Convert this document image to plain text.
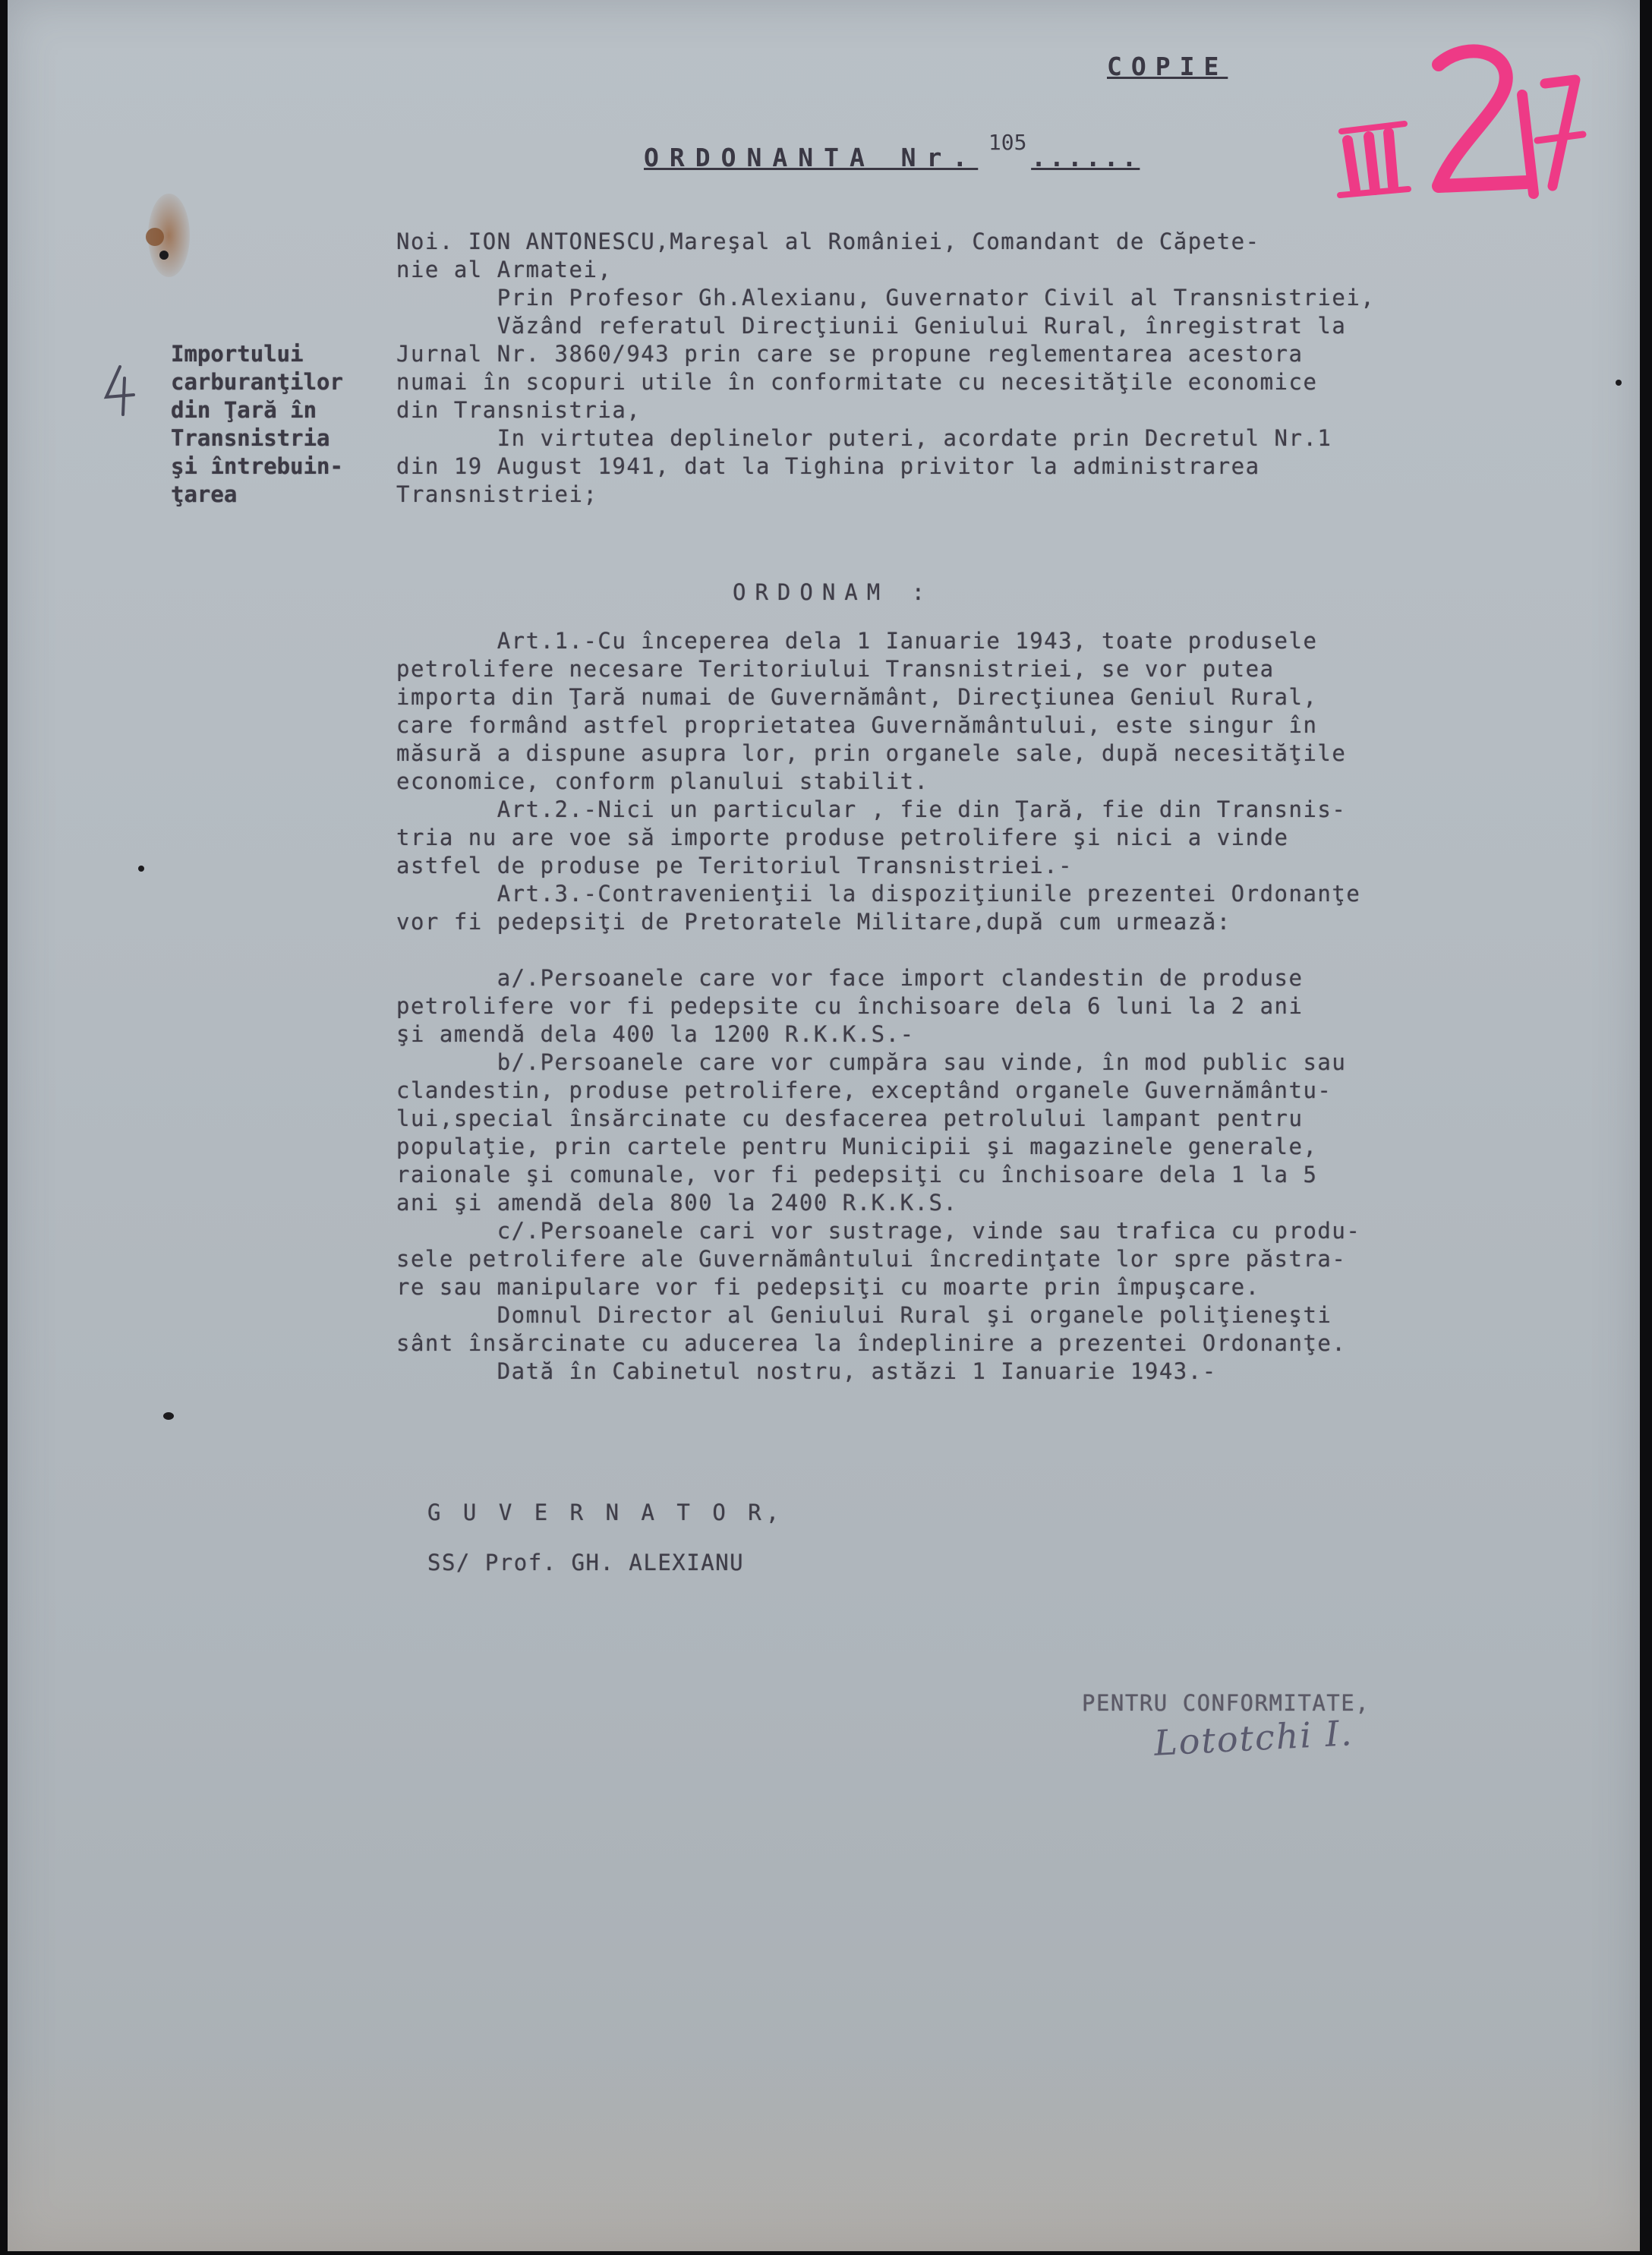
COPIE
ORDONANTA Nr. 105 ......
Importului
carburanţilor
din Ţară în
Transnistria
şi întrebuin-
ţarea
Noi. ION ANTONESCU,Mareşal al României, Comandant de Căpete-
nie al Armatei,
Prin Profesor Gh.Alexianu, Guvernator Civil al Transnistriei,
Văzând referatul Direcţiunii Geniului Rural, înregistrat la
Jurnal Nr. 3860/943 prin care se propune reglementarea acestora
numai în scopuri utile în conformitate cu necesităţile economice
din Transnistria,
In virtutea deplinelor puteri, acordate prin Decretul Nr.1
din 19 August 1941, dat la Tighina privitor la administrarea
Transnistriei;
ORDONAM :
Art.1.-Cu începerea dela 1 Ianuarie 1943, toate produsele
petrolifere necesare Teritoriului Transnistriei, se vor putea
importa din Ţară numai de Guvernământ, Direcţiunea Geniul Rural,
care formând astfel proprietatea Guvernământului, este singur în
măsură a dispune asupra lor, prin organele sale, după necesităţile
economice, conform planului stabilit.
Art.2.-Nici un particular , fie din Ţară, fie din Transnis-
tria nu are voe să importe produse petrolifere şi nici a vinde
astfel de produse pe Teritoriul Transnistriei.-
Art.3.-Contravenienţii la dispoziţiunile prezentei Ordonanţe
vor fi pedepsiţi de Pretoratele Militare,după cum urmează:

a/.Persoanele care vor face import clandestin de produse
petrolifere vor fi pedepsite cu închisoare dela 6 luni la 2 ani
şi amendă dela 400 la 1200 R.K.K.S.-
b/.Persoanele care vor cumpăra sau vinde, în mod public sau
clandestin, produse petrolifere, exceptând organele Guvernământu-
lui,special însărcinate cu desfacerea petrolului lampant pentru
populaţie, prin cartele pentru Municipii şi magazinele generale,
raionale şi comunale, vor fi pedepsiţi cu închisoare dela 1 la 5
ani şi amendă dela 800 la 2400 R.K.K.S.
c/.Persoanele cari vor sustrage, vinde sau trafica cu produ-
sele petrolifere ale Guvernământului încredinţate lor spre păstra-
re sau manipulare vor fi pedepsiţi cu moarte prin împuşcare.
Domnul Director al Geniului Rural şi organele poliţieneşti
sânt însărcinate cu aducerea la îndeplinire a prezentei Ordonanţe.
Dată în Cabinetul nostru, astăzi 1 Ianuarie 1943.-
G U V E R N A T O R,
SS/ Prof. GH. ALEXIANU
PENTRU CONFORMITATE,
Lototchi I.
